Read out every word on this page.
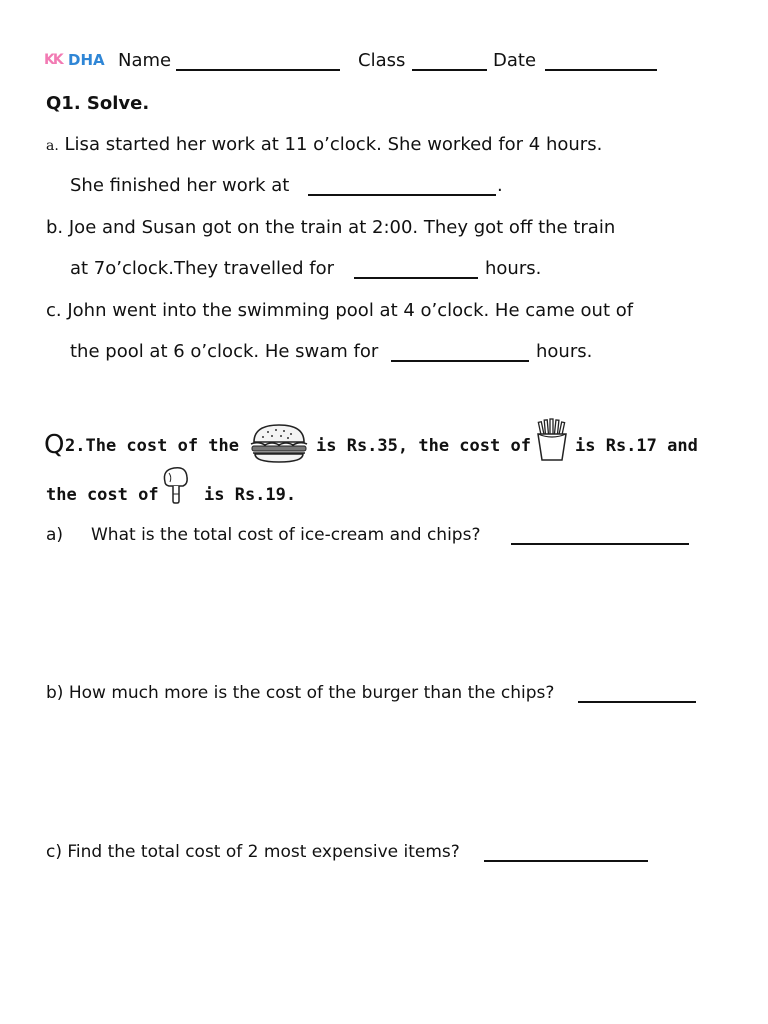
KK DHA Name	Class	Date
Q1. Solve.
a. Lisa started her work at 11 o’clock. She worked for 4 hours.
She finished her work at	.
b. Joe and Susan got on the train at 2:00. They got off the train
at 7o’clock.They travelled for	hours.
c. John went into the swimming pool at 4 o’clock. He came out of
the pool at 6 o’clock. He swam for	hours.
Q 2.The cost of the	is Rs.35, the cost of	is Rs.17 and
the cost of	is Rs.19.
a) What is the total cost of ice-cream and chips?
b) How much more is the cost of the burger than the chips?
c) Find the total cost of 2 most expensive items?
